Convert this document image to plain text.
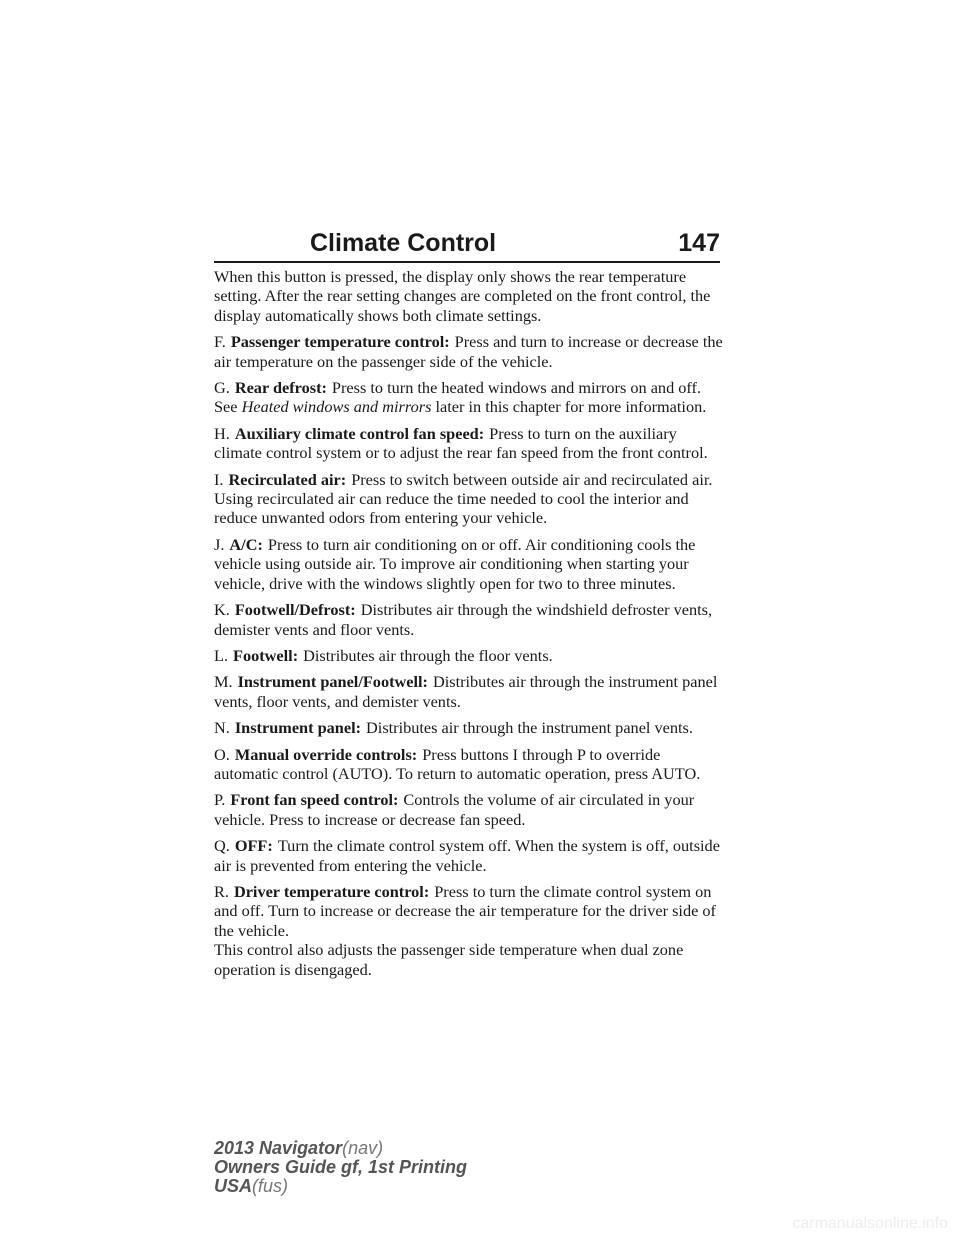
Climate Control	147

When this button is pressed, the display only shows the rear temperature setting. After the rear setting changes are completed on the front control, the display automatically shows both climate settings.

F. Passenger temperature control: Press and turn to increase or decrease the air temperature on the passenger side of the vehicle.

G. Rear defrost: Press to turn the heated windows and mirrors on and off. See Heated windows and mirrors later in this chapter for more information.

H. Auxiliary climate control fan speed: Press to turn on the auxiliary climate control system or to adjust the rear fan speed from the front control.

I. Recirculated air: Press to switch between outside air and recirculated air. Using recirculated air can reduce the time needed to cool the interior and reduce unwanted odors from entering your vehicle.

J. A/C: Press to turn air conditioning on or off. Air conditioning cools the vehicle using outside air. To improve air conditioning when starting your vehicle, drive with the windows slightly open for two to three minutes.

K. Footwell/Defrost: Distributes air through the windshield defroster vents, demister vents and floor vents.

L. Footwell: Distributes air through the floor vents.

M. Instrument panel/Footwell: Distributes air through the instrument panel vents, floor vents, and demister vents.

N. Instrument panel: Distributes air through the instrument panel vents.

O. Manual override controls: Press buttons I through P to override automatic control (AUTO). To return to automatic operation, press AUTO.

P. Front fan speed control: Controls the volume of air circulated in your vehicle. Press to increase or decrease fan speed.

Q. OFF: Turn the climate control system off. When the system is off, outside air is prevented from entering the vehicle.

R. Driver temperature control: Press to turn the climate control system on and off. Turn to increase or decrease the air temperature for the driver side of the vehicle.

This control also adjusts the passenger side temperature when dual zone operation is disengaged.

2013 Navigator(nav)
Owners Guide gf, 1st Printing
USA(fus)
carmanualsonline.info
